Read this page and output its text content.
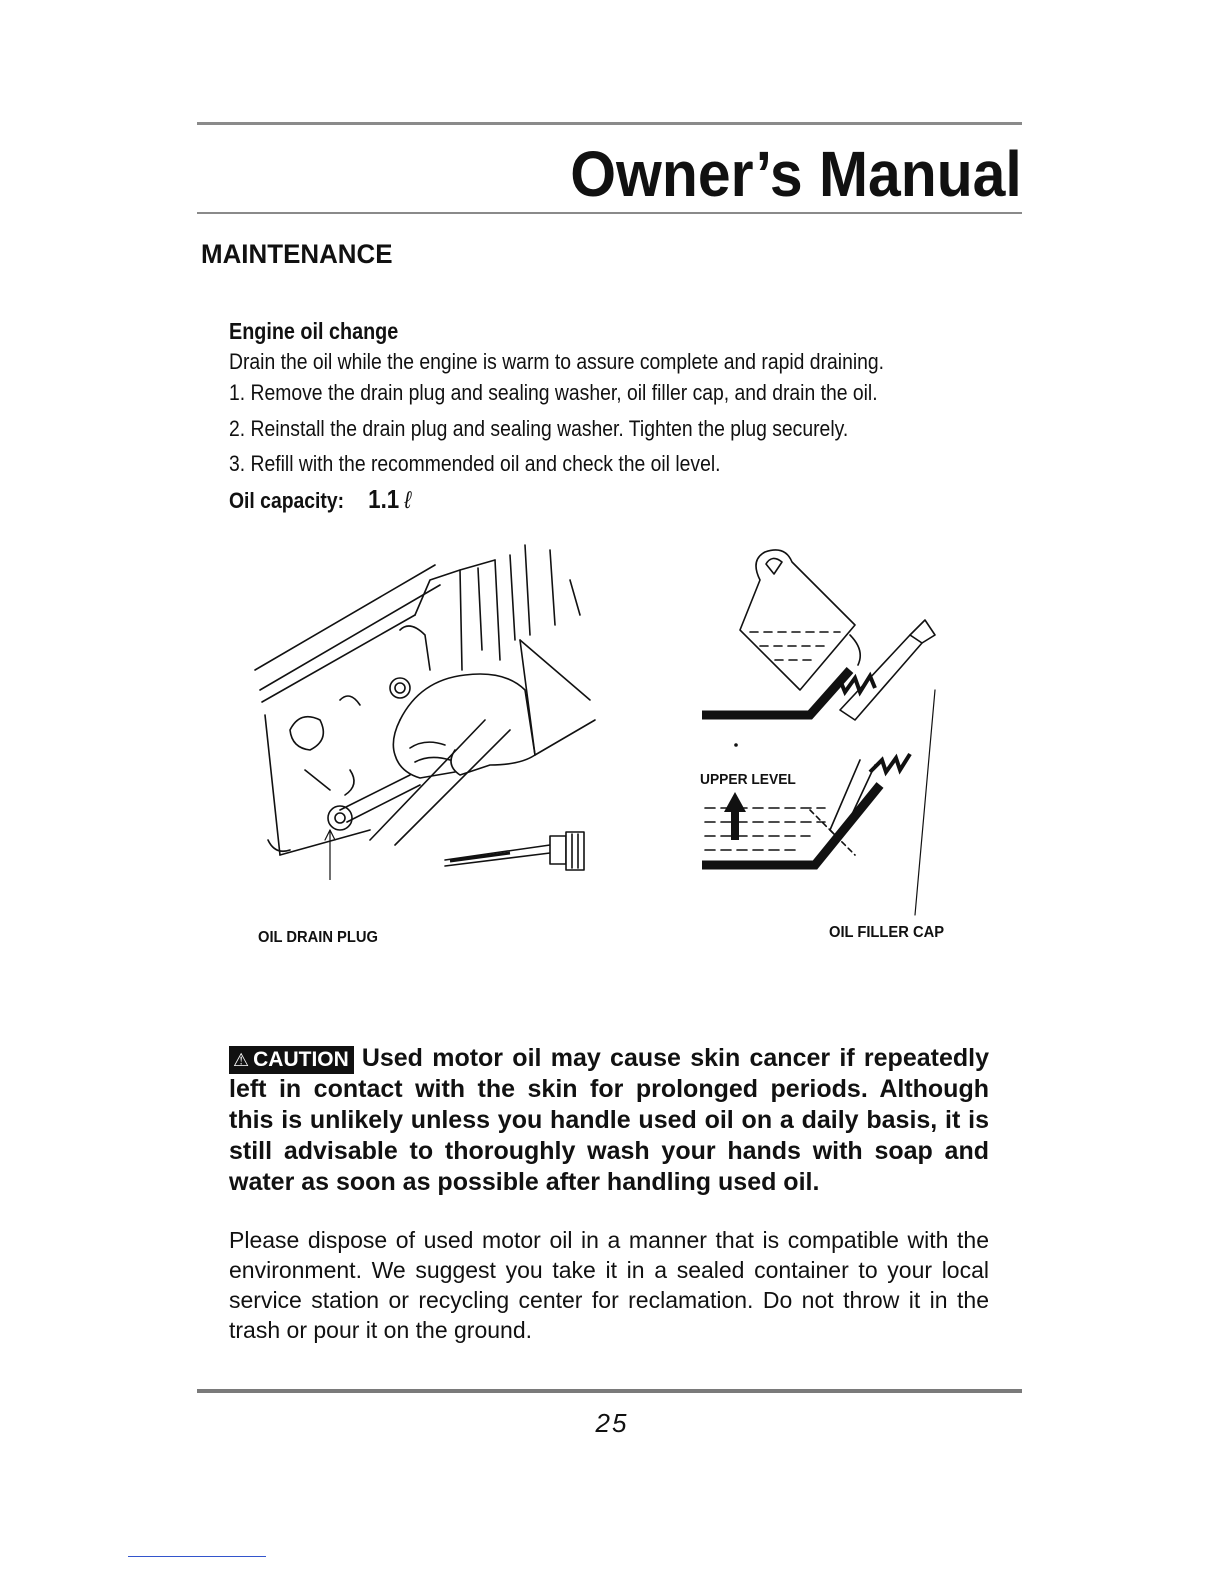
Owner’s Manual
MAINTENANCE

Engine oil change

Drain the oil while the engine is warm to assure complete and rapid draining.

1. Remove the drain plug and sealing washer, oil filler cap, and drain the oil.

2. Reinstall the drain plug and sealing washer. Tighten the plug securely.

3. Refill with the recommended oil and check the oil level.

Oil capacity: 1.1 ℓ

OIL DRAIN PLUG

UPPER LEVEL

OIL FILLER CAP

⚠ CAUTION Used motor oil may cause skin cancer if repeatedly left in contact with the skin for prolonged periods. Although this is unlikely unless you handle used oil on a daily basis, it is still advisable to thoroughly wash your hands with soap and water as soon as possible after handling used oil.

Please dispose of used motor oil in a manner that is compatible with the environment. We suggest you take it in a sealed container to your local service station or recycling center for reclamation. Do not throw it in the trash or pour it on the ground.

25
